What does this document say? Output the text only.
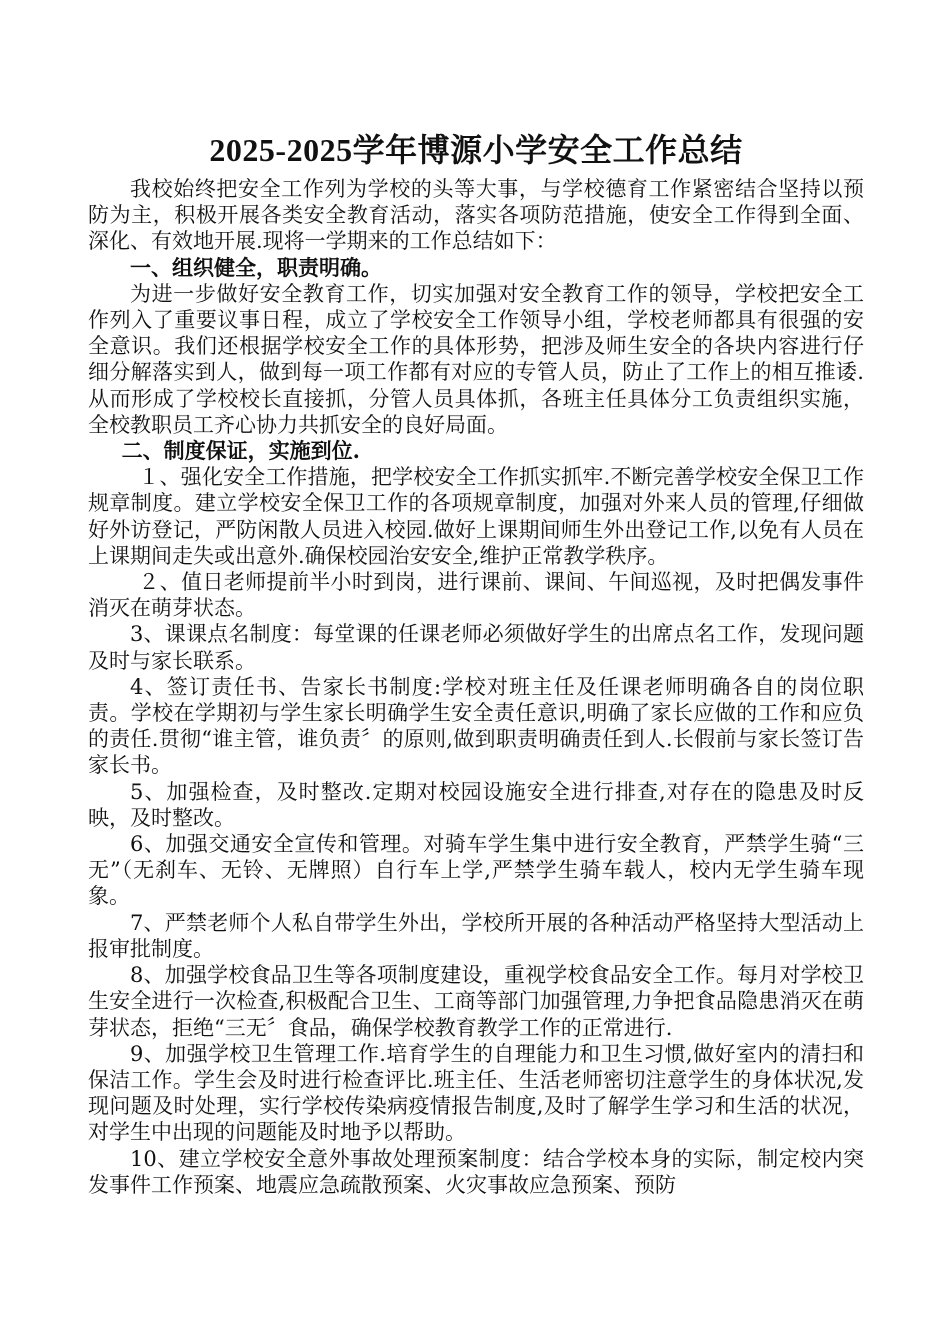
2025-2025学年博源小学安全工作总结

我校始终把安全工作列为学校的头等大事，与学校德育工作紧密结合坚持以预防为主，积极开展各类安全教育活动，落实各项防范措施，使安全工作得到全面、深化、有效地开展.现将一学期来的工作总结如下：

一、组织健全，职责明确。

为进一步做好安全教育工作，切实加强对安全教育工作的领导，学校把安全工作列入了重要议事日程，成立了学校安全工作领导小组，学校老师都具有很强的安全意识。我们还根据学校安全工作的具体形势，把涉及师生安全的各块内容进行仔细分解落实到人，做到每一项工作都有对应的专管人员，防止了工作上的相互推诿.从而形成了学校校长直接抓，分管人员具体抓，各班主任具体分工负责组织实施，全校教职员工齐心协力共抓安全的良好局面。

二、制度保证，实施到位.

１、强化安全工作措施，把学校安全工作抓实抓牢.不断完善学校安全保卫工作规章制度。建立学校安全保卫工作的各项规章制度，加强对外来人员的管理,仔细做好外访登记，严防闲散人员进入校园.做好上课期间师生外出登记工作,以免有人员在上课期间走失或出意外.确保校园治安安全,维护正常教学秩序。

２、值日老师提前半小时到岗，进行课前、课间、午间巡视，及时把偶发事件消灭在萌芽状态。

3、课课点名制度：每堂课的任课老师必须做好学生的出席点名工作，发现问题及时与家长联系。

4、签订责任书、告家长书制度:学校对班主任及任课老师明确各自的岗位职责。学校在学期初与学生家长明确学生安全责任意识,明确了家长应做的工作和应负的责任.贯彻“谁主管，谁负责〞的原则,做到职责明确责任到人.长假前与家长签订告家长书。

5、加强检查，及时整改.定期对校园设施安全进行排查,对存在的隐患及时反映，及时整改。

6、加强交通安全宣传和管理。对骑车学生集中进行安全教育，严禁学生骑“三无”（无刹车、无铃、无牌照）自行车上学,严禁学生骑车载人，校内无学生骑车现象。

7、严禁老师个人私自带学生外出，学校所开展的各种活动严格坚持大型活动上报审批制度。

8、加强学校食品卫生等各项制度建设，重视学校食品安全工作。每月对学校卫生安全进行一次检查,积极配合卫生、工商等部门加强管理,力争把食品隐患消灭在萌芽状态，拒绝“三无〞食品，确保学校教育教学工作的正常进行.

9、加强学校卫生管理工作.培育学生的自理能力和卫生习惯,做好室内的清扫和保洁工作。学生会及时进行检查评比.班主任、生活老师密切注意学生的身体状况,发现问题及时处理，实行学校传染病疫情报告制度,及时了解学生学习和生活的状况，对学生中出现的问题能及时地予以帮助。

10、建立学校安全意外事故处理预案制度：结合学校本身的实际，制定校内突发事件工作预案、地震应急疏散预案、火灾事故应急预案、预防
